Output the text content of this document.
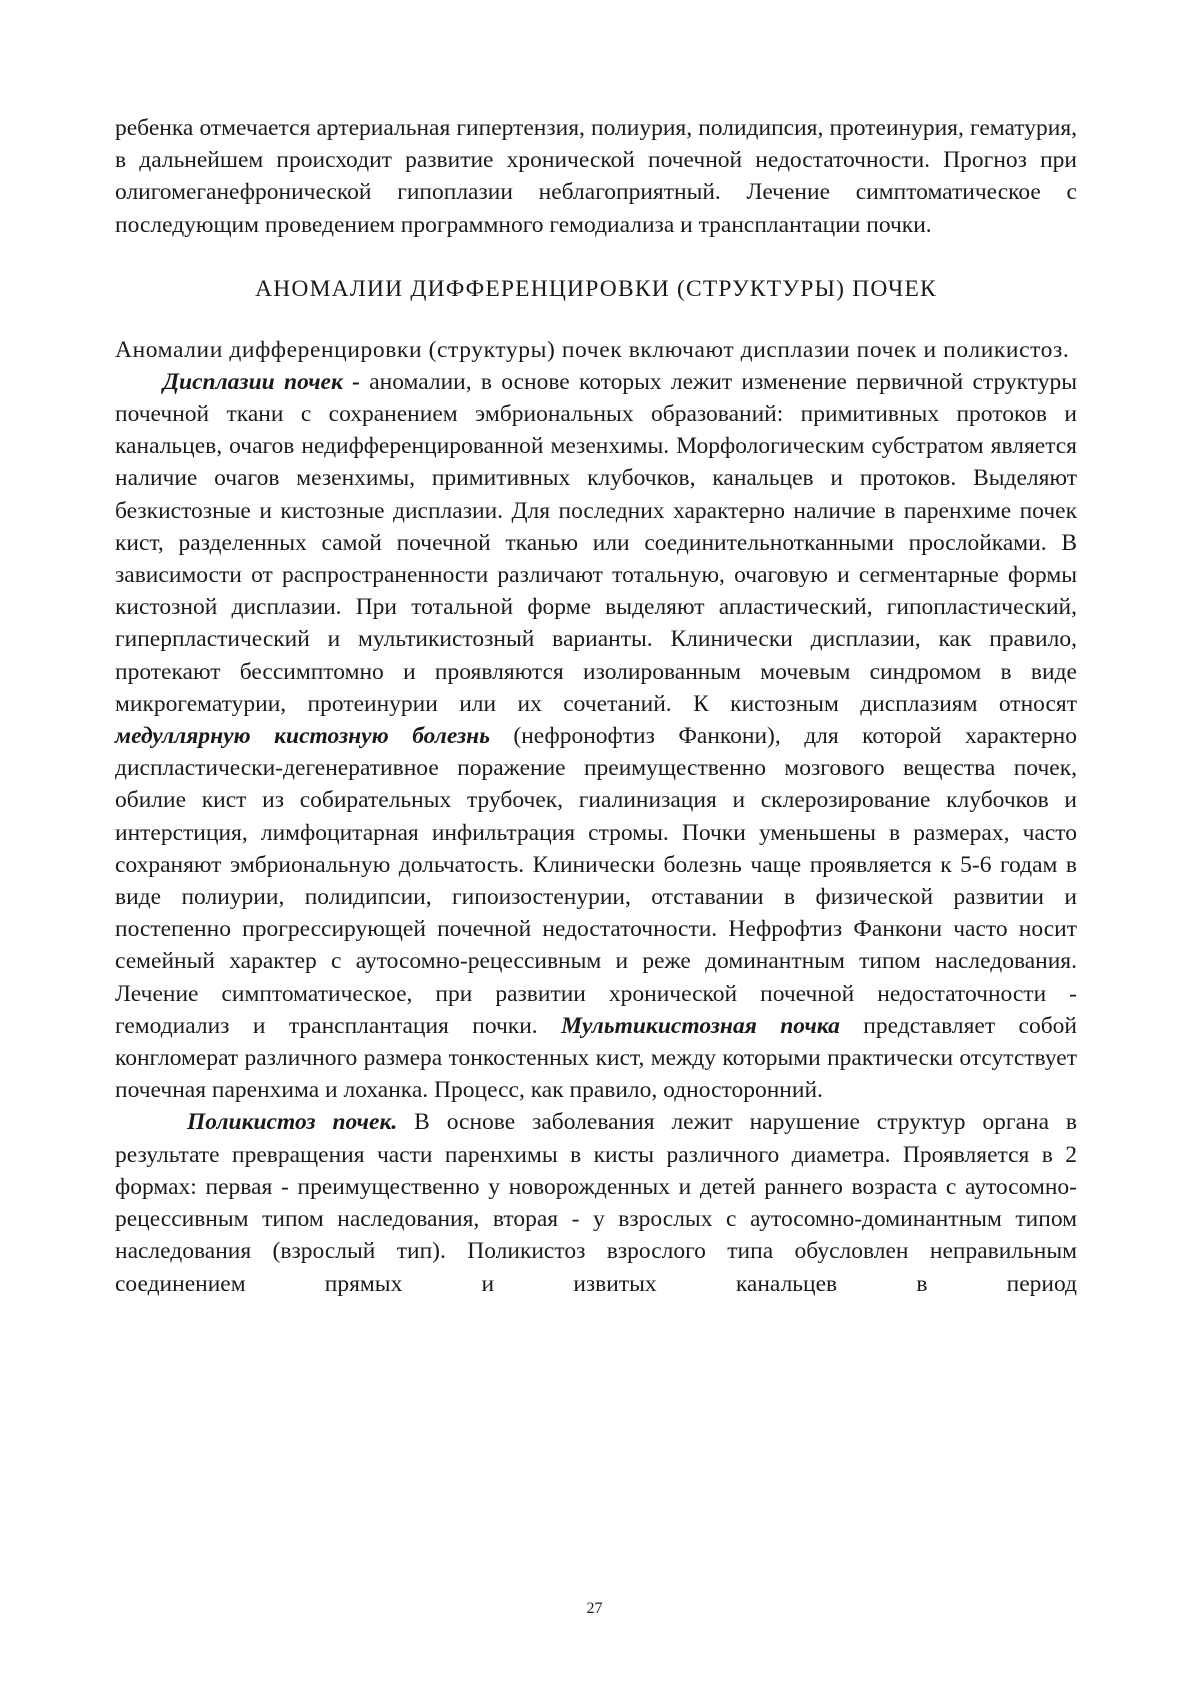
ребенка отмечается артериальная гипертензия, полиурия, полидипсия, протеинурия, гематурия, в дальнейшем происходит развитие хронической почечной недостаточности. Прогноз при олигомеганефронической гипоплазии неблагоприятный. Лечение симптоматическое с последующим проведением программного гемодиализа и трансплантации почки.

АНОМАЛИИ ДИФФЕРЕНЦИРОВКИ (СТРУКТУРЫ) ПОЧЕК

Аномалии дифференцировки (структуры) почек включают дисплазии почек и поликистоз.

Дисплазии почек - аномалии, в основе которых лежит изменение первичной структуры почечной ткани с сохранением эмбриональных образований: примитивных протоков и канальцев, очагов недифференцированной мезенхимы. Морфологическим субстратом является наличие очагов мезенхимы, примитивных клубочков, канальцев и протоков. Выделяют безкистозные и кистозные дисплазии. Для последних характерно наличие в паренхиме почек кист, разделенных самой почечной тканью или соединительнотканными прослойками. В зависимости от распространенности различают тотальную, очаговую и сегментарные формы кистозной дисплазии. При тотальной форме выделяют апластический, гипопластический, гиперпластический и мультикистозный варианты. Клинически дисплазии, как правило, протекают бессимптомно и проявляются изолированным мочевым синдромом в виде микрогематурии, протеинурии или их сочетаний. К кистозным дисплазиям относят медуллярную кистозную болезнь (нефронофтиз Фанкони), для которой характерно диспластически-дегенеративное поражение преимущественно мозгового вещества почек, обилие кист из собирательных трубочек, гиалинизация и склерозирование клубочков и интерстиция, лимфоцитарная инфильтрация стромы. Почки уменьшены в размерах, часто сохраняют эмбриональную дольчатость. Клинически болезнь чаще проявляется к 5-6 годам в виде полиурии, полидипсии, гипоизостенурии, отставании в физической развитии и постепенно прогрессирующей почечной недостаточности. Нефрофтиз Фанкони часто носит семейный характер с аутосомно-рецессивным и реже доминантным типом наследования. Лечение симптоматическое, при развитии хронической почечной недостаточности - гемодиализ и трансплантация почки. Мультикистозная почка представляет собой конгломерат различного размера тонкостенных кист, между которыми практически отсутствует почечная паренхима и лоханка. Процесс, как правило, односторонний.

Поликистоз почек. В основе заболевания лежит нарушение структур органа в результате превращения части паренхимы в кисты различного диаметра. Проявляется в 2 формах: первая - преимущественно у новорожденных и детей раннего возраста с аутосомно-рецессивным типом наследования, вторая - у взрослых с аутосомно-доминантным типом наследования (взрослый тип). Поликистоз взрослого типа обусловлен неправильным соединением прямых и извитых канальцев в период

27
